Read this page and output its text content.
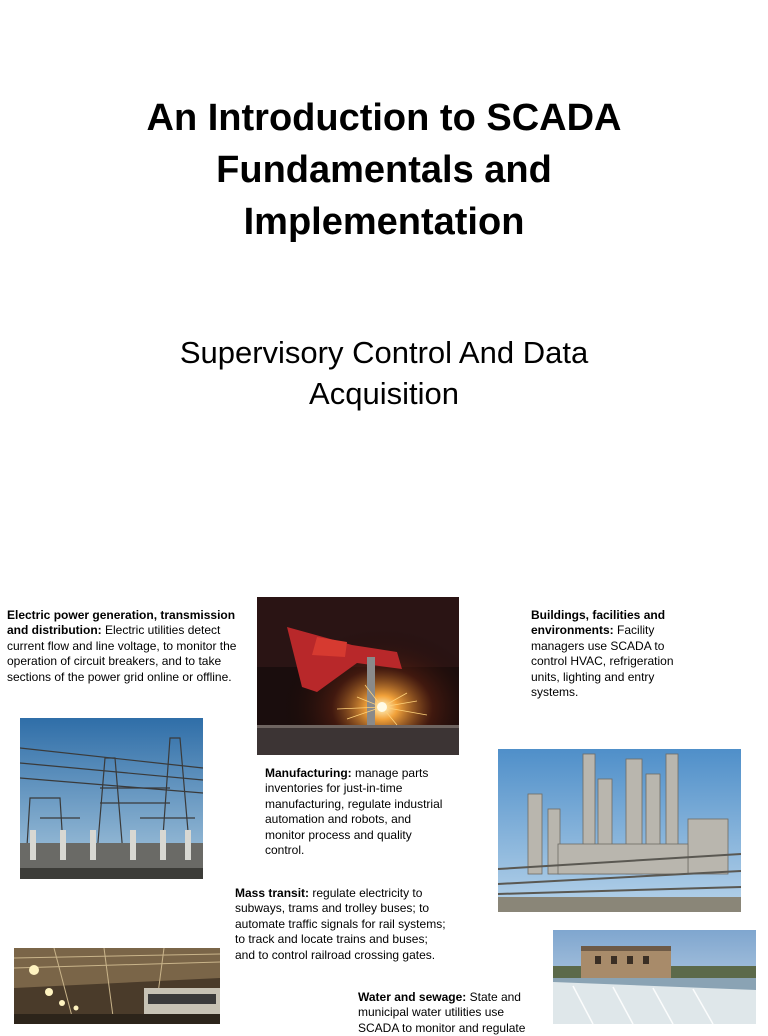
An Introduction to SCADA
Fundamentals and
Implementation

Supervisory Control And Data
Acquisition

Electric power generation, transmission and distribution: Electric utilities detect current flow and line voltage, to monitor the operation of circuit breakers, and to take sections of the power grid online or offline.

Buildings, facilities and environments: Facility managers use SCADA to control HVAC, refrigeration units, lighting and entry systems.

Manufacturing: manage parts inventories for just-in-time manufacturing, regulate industrial automation and robots, and monitor process and quality control.

Mass transit: regulate electricity to subways, trams and trolley buses; to automate traffic signals for rail systems; to track and locate trains and buses; and to control railroad crossing gates.

Water and sewage: State and municipal water utilities use SCADA to monitor and regulate
